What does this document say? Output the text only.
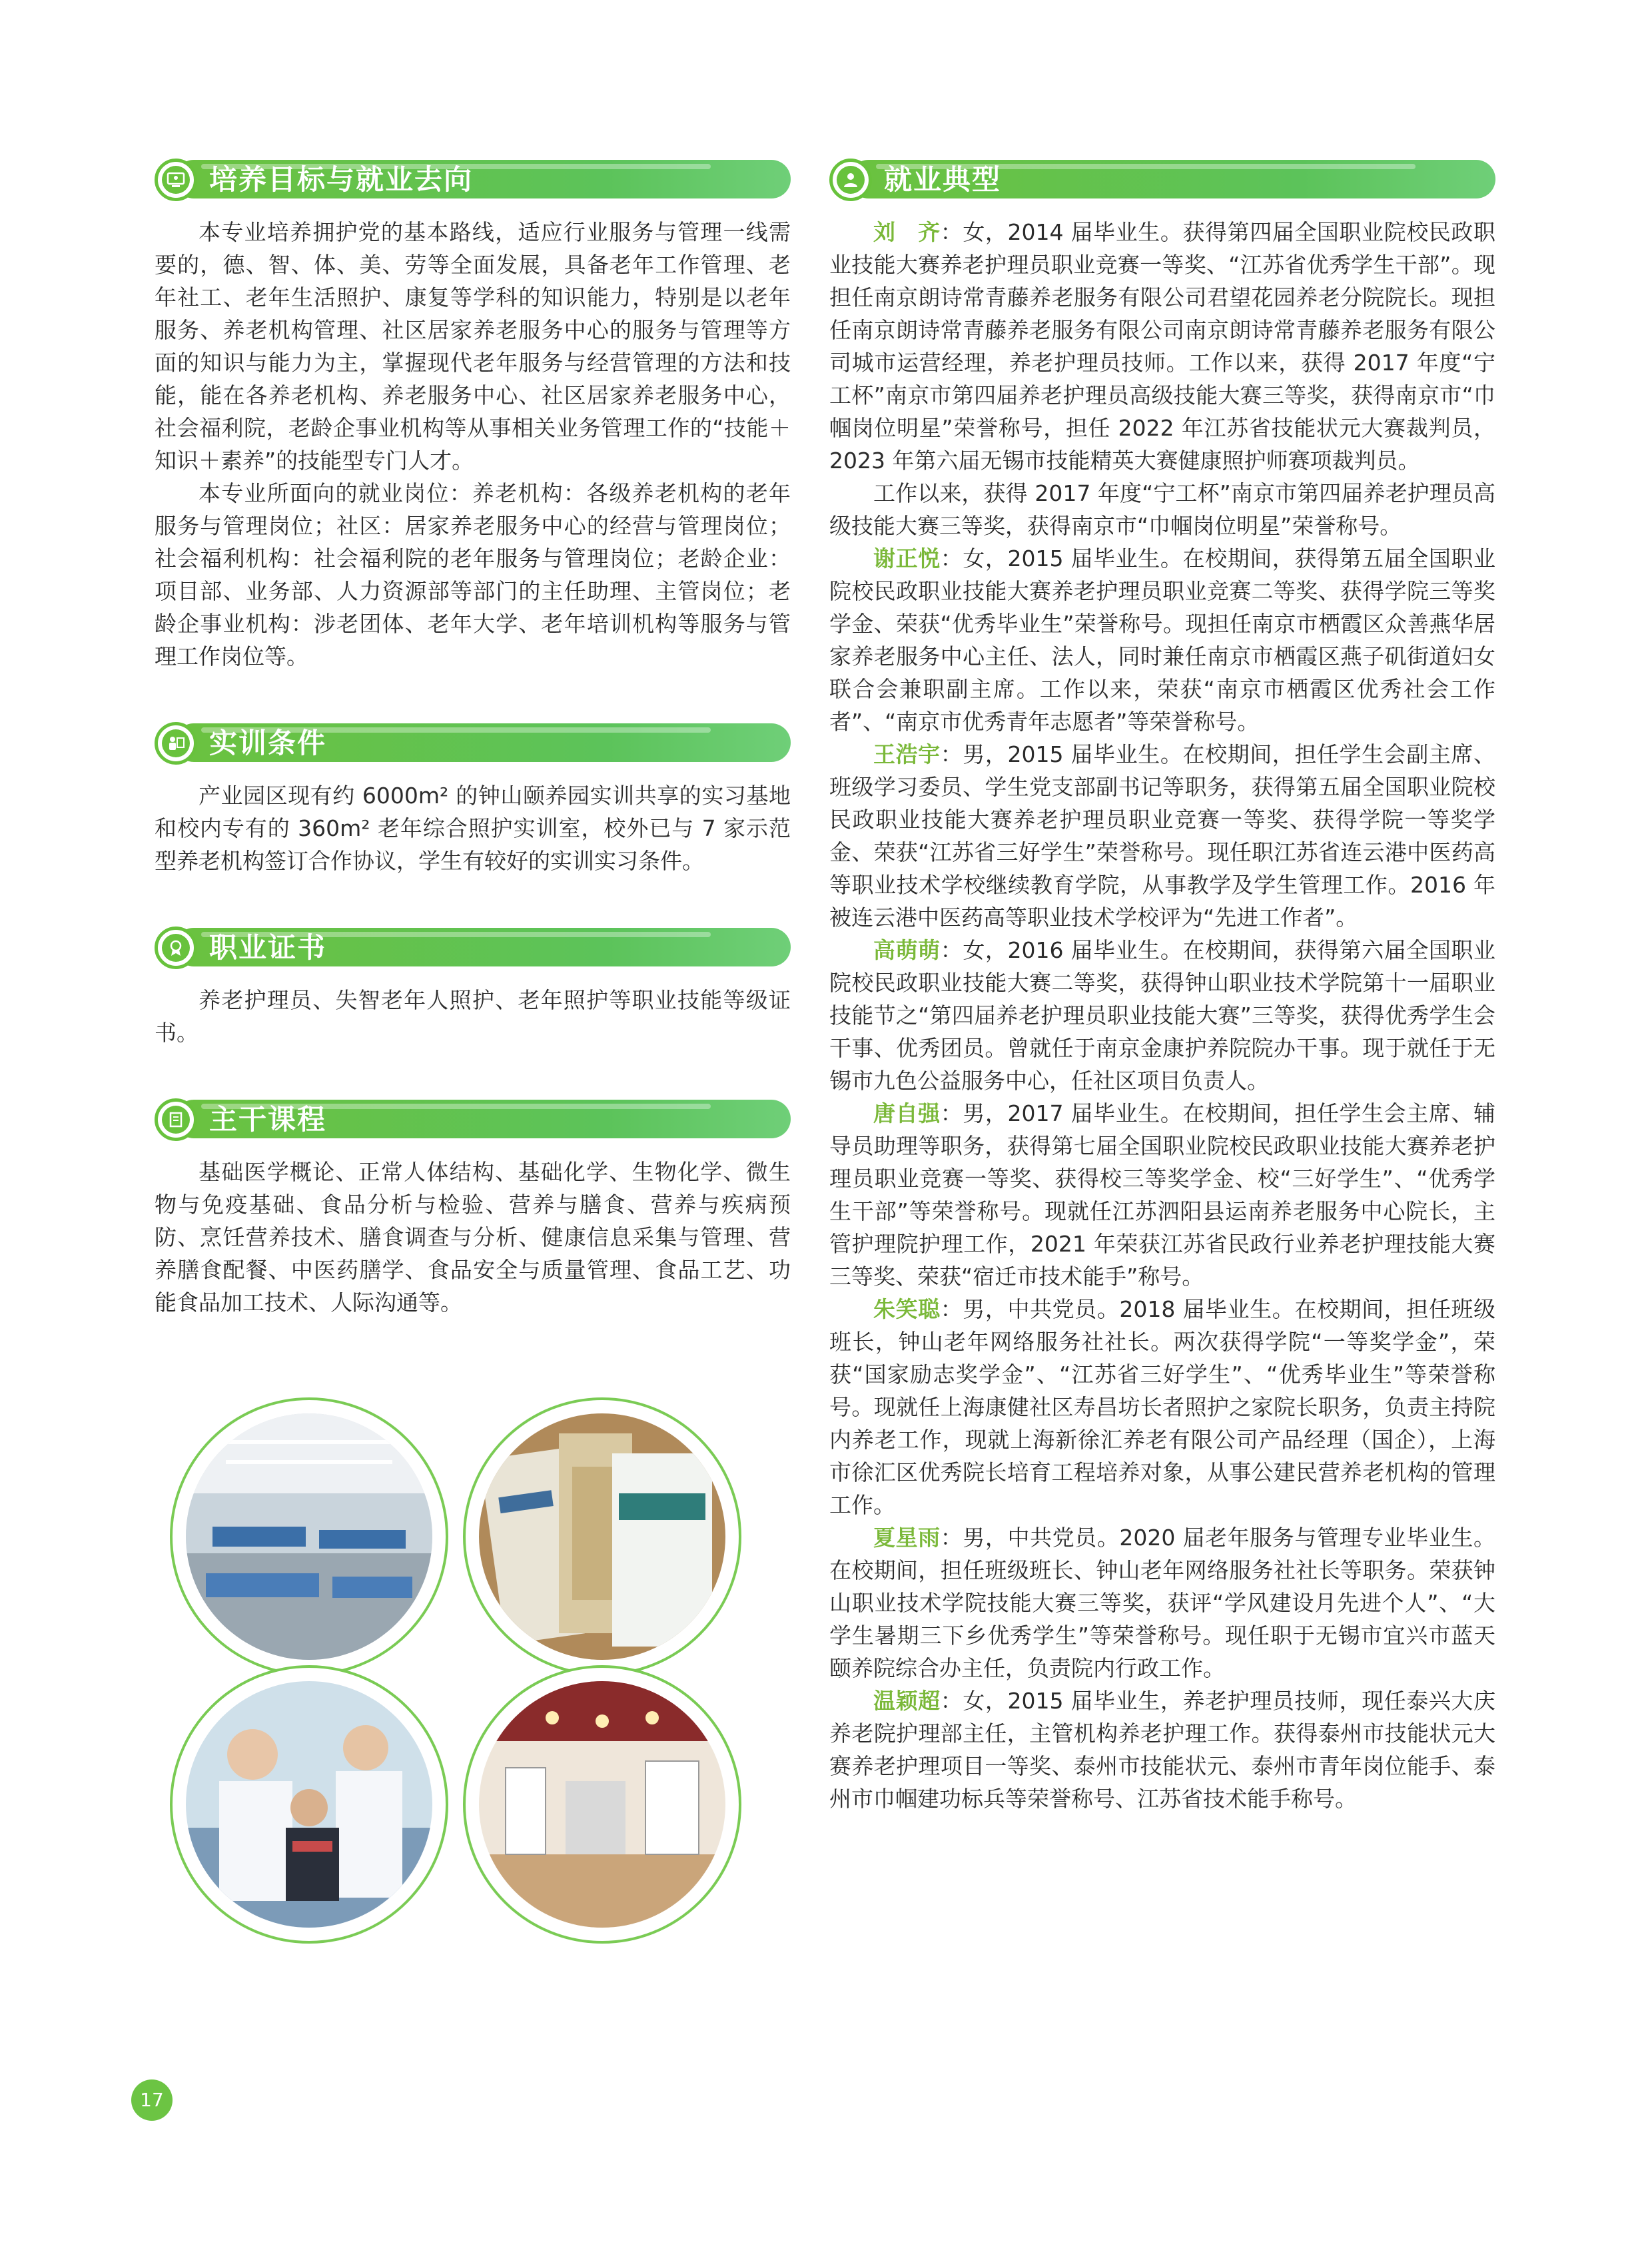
培养目标与就业去向

本专业培养拥护党的基本路线，适应行业服务与管理一线需要的，德、智、体、美、劳等全面发展，具备老年工作管理、老年社工、老年生活照护、康复等学科的知识能力，特别是以老年服务、养老机构管理、社区居家养老服务中心的服务与管理等方面的知识与能力为主，掌握现代老年服务与经营管理的方法和技能，能在各养老机构、养老服务中心、社区居家养老服务中心，社会福利院，老龄企事业机构等从事相关业务管理工作的“技能＋知识＋素养”的技能型专门人才。

本专业所面向的就业岗位：养老机构：各级养老机构的老年服务与管理岗位；社区：居家养老服务中心的经营与管理岗位；社会福利机构：社会福利院的老年服务与管理岗位；老龄企业：项目部、业务部、人力资源部等部门的主任助理、主管岗位；老龄企事业机构：涉老团体、老年大学、老年培训机构等服务与管理工作岗位等。

实训条件

产业园区现有约 6000m² 的钟山颐养园实训共享的实习基地和校内专有的 360m² 老年综合照护实训室，校外已与 7 家示范型养老机构签订合作协议，学生有较好的实训实习条件。

职业证书

养老护理员、失智老年人照护、老年照护等职业技能等级证书。

主干课程

基础医学概论、正常人体结构、基础化学、生物化学、微生物与免疫基础、食品分析与检验、营养与膳食、营养与疾病预防、烹饪营养技术、膳食调查与分析、健康信息采集与管理、营养膳食配餐、中医药膳学、食品安全与质量管理、食品工艺、功能食品加工技术、人际沟通等。

就业典型

刘　齐：女，2014 届毕业生。获得第四届全国职业院校民政职业技能大赛养老护理员职业竞赛一等奖、“江苏省优秀学生干部”。现担任南京朗诗常青藤养老服务有限公司君望花园养老分院院长。现担任南京朗诗常青藤养老服务有限公司南京朗诗常青藤养老服务有限公司城市运营经理，养老护理员技师。工作以来，获得 2017 年度“宁工杯”南京市第四届养老护理员高级技能大赛三等奖，获得南京市“巾帼岗位明星”荣誉称号，担任 2022 年江苏省技能状元大赛裁判员，2023 年第六届无锡市技能精英大赛健康照护师赛项裁判员。

工作以来，获得 2017 年度“宁工杯”南京市第四届养老护理员高级技能大赛三等奖，获得南京市“巾帼岗位明星”荣誉称号。

谢正悦：女，2015 届毕业生。在校期间，获得第五届全国职业院校民政职业技能大赛养老护理员职业竞赛二等奖、获得学院三等奖学金、荣获“优秀毕业生”荣誉称号。现担任南京市栖霞区众善燕华居家养老服务中心主任、法人，同时兼任南京市栖霞区燕子矶街道妇女联合会兼职副主席。工作以来，荣获“南京市栖霞区优秀社会工作者”、“南京市优秀青年志愿者”等荣誉称号。

王浩宇：男，2015 届毕业生。在校期间，担任学生会副主席、班级学习委员、学生党支部副书记等职务，获得第五届全国职业院校民政职业技能大赛养老护理员职业竞赛一等奖、获得学院一等奖学金、荣获“江苏省三好学生”荣誉称号。现任职江苏省连云港中医药高等职业技术学校继续教育学院，从事教学及学生管理工作。2016 年被连云港中医药高等职业技术学校评为“先进工作者”。

高萌萌：女，2016 届毕业生。在校期间，获得第六届全国职业院校民政职业技能大赛二等奖，获得钟山职业技术学院第十一届职业技能节之“第四届养老护理员职业技能大赛”三等奖，获得优秀学生会干事、优秀团员。曾就任于南京金康护养院院办干事。现于就任于无锡市九色公益服务中心，任社区项目负责人。

唐自强：男，2017 届毕业生。在校期间，担任学生会主席、辅导员助理等职务，获得第七届全国职业院校民政职业技能大赛养老护理员职业竞赛一等奖、获得校三等奖学金、校“三好学生”、“优秀学生干部”等荣誉称号。现就任江苏泗阳县运南养老服务中心院长，主管护理院护理工作，2021 年荣获江苏省民政行业养老护理技能大赛三等奖、荣获“宿迁市技术能手”称号。

朱笑聪：男，中共党员。2018 届毕业生。在校期间，担任班级班长，钟山老年网络服务社社长。两次获得学院“一等奖学金”，荣获“国家励志奖学金”、“江苏省三好学生”、“优秀毕业生”等荣誉称号。现就任上海康健社区寿昌坊长者照护之家院长职务，负责主持院内养老工作，现就上海新徐汇养老有限公司产品经理（国企），上海市徐汇区优秀院长培育工程培养对象，从事公建民营养老机构的管理工作。

夏星雨：男，中共党员。2020 届老年服务与管理专业毕业生。在校期间，担任班级班长、钟山老年网络服务社社长等职务。荣获钟山职业技术学院技能大赛三等奖，获评“学风建设月先进个人”、“大学生暑期三下乡优秀学生”等荣誉称号。现任职于无锡市宜兴市蓝天颐养院综合办主任，负责院内行政工作。

温颖超：女，2015 届毕业生，养老护理员技师，现任泰兴大庆养老院护理部主任，主管机构养老护理工作。获得泰州市技能状元大赛养老护理项目一等奖、泰州市技能状元、泰州市青年岗位能手、泰州市巾帼建功标兵等荣誉称号、江苏省技术能手称号。

17
